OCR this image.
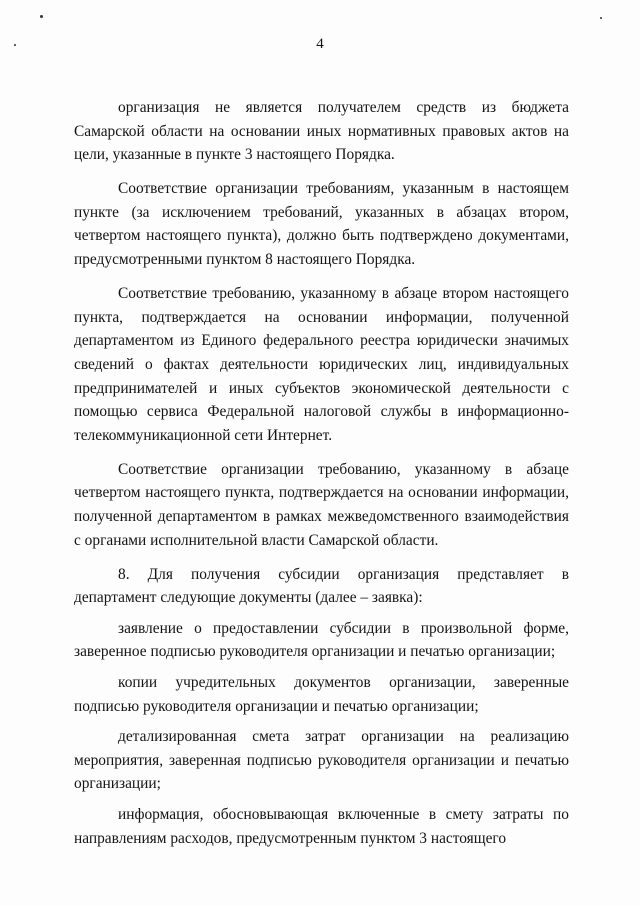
4

организация не является получателем средств из бюджета Самарской области на основании иных нормативных правовых актов на цели, указанные в пункте 3 настоящего Порядка.

Соответствие организации требованиям, указанным в настоящем пункте (за исключением требований, указанных в абзацах втором, четвертом настоящего пункта), должно быть подтверждено документами, предусмотренными пунктом 8 настоящего Порядка.

Соответствие требованию, указанному в абзаце втором настоящего пункта, подтверждается на основании информации, полученной департаментом из Единого федерального реестра юридически значимых сведений о фактах деятельности юридических лиц, индивидуальных предпринимателей и иных субъектов экономической деятельности с помощью сервиса Федеральной налоговой службы в информационно-телекоммуникационной сети Интернет.

Соответствие организации требованию, указанному в абзаце четвертом настоящего пункта, подтверждается на основании информации, полученной департаментом в рамках межведомственного взаимодействия с органами исполнительной власти Самарской области.

8. Для получения субсидии организация представляет в департамент следующие документы (далее – заявка):

заявление о предоставлении субсидии в произвольной форме, заверенное подписью руководителя организации и печатью организации;

копии учредительных документов организации, заверенные подписью руководителя организации и печатью организации;

детализированная смета затрат организации на реализацию мероприятия, заверенная подписью руководителя организации и печатью организации;

информация, обосновывающая включенные в смету затраты по направлениям расходов, предусмотренным пунктом 3 настоящего
